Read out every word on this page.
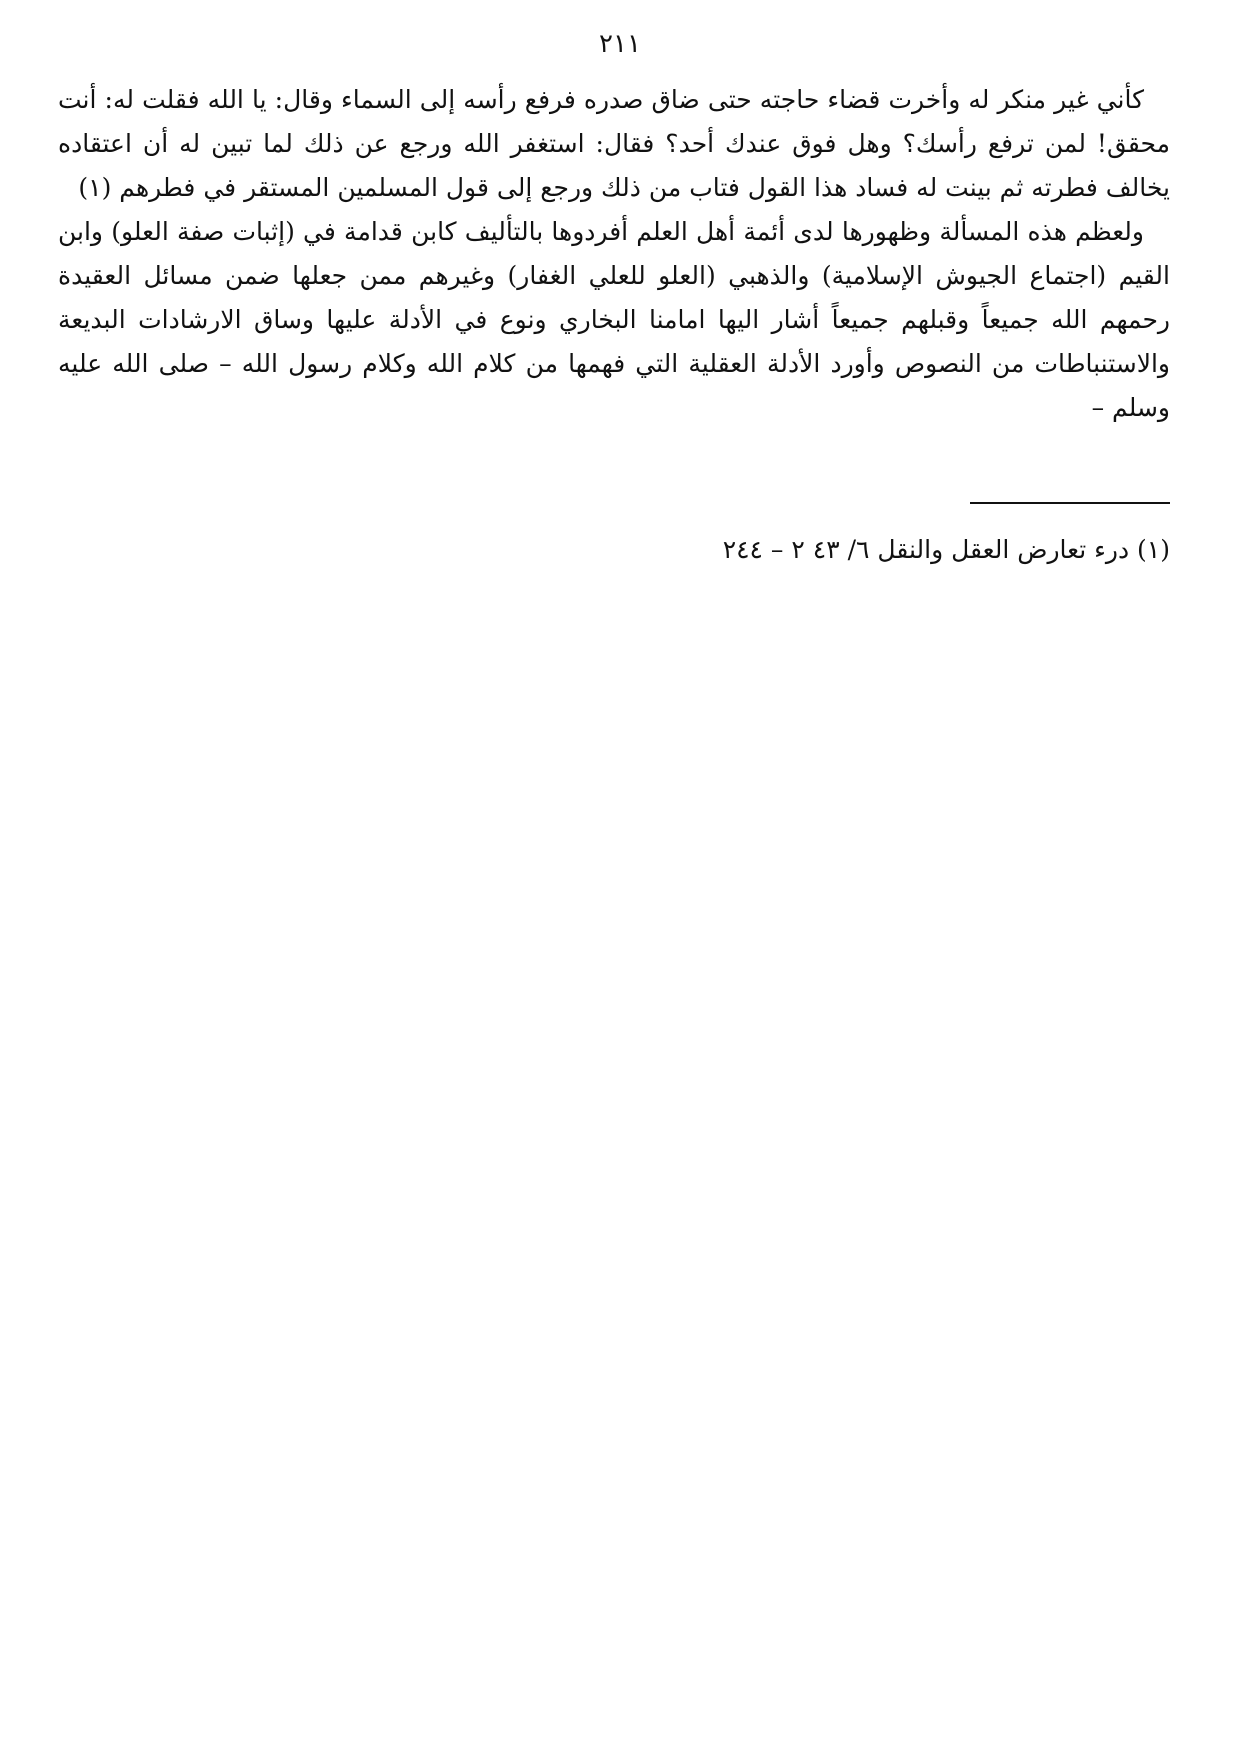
٢١١

كأني غير منكر له وأخرت قضاء حاجته حتى ضاق صدره فرفع رأسه إلى السماء وقال: يا الله فقلت له: أنت محقق! لمن ترفع رأسك؟ وهل فوق عندك أحد؟ فقال: استغفر الله ورجع عن ذلك لما تبين له أن اعتقاده يخالف فطرته ثم بينت له فساد هذا القول فتاب من ذلك ورجع إلى قول المسلمين المستقر في فطرهم (١)

ولعظم هذه المسألة وظهورها لدى أئمة أهل العلم أفردوها بالتأليف كابن قدامة في (إثبات صفة العلو) وابن القيم (اجتماع الجيوش الإسلامية) والذهبي (العلو للعلي الغفار) وغيرهم ممن جعلها ضمن مسائل العقيدة رحمهم الله جميعاً وقبلهم جميعاً أشار اليها امامنا البخاري ونوع في الأدلة عليها وساق الارشادات البديعة والاستنباطات من النصوص وأورد الأدلة العقلية التي فهمها من كلام الله وكلام رسول الله – صلى الله عليه وسلم –

(١) درء تعارض العقل والنقل ٦/ ٤٣ ٢ – ٢٤٤
